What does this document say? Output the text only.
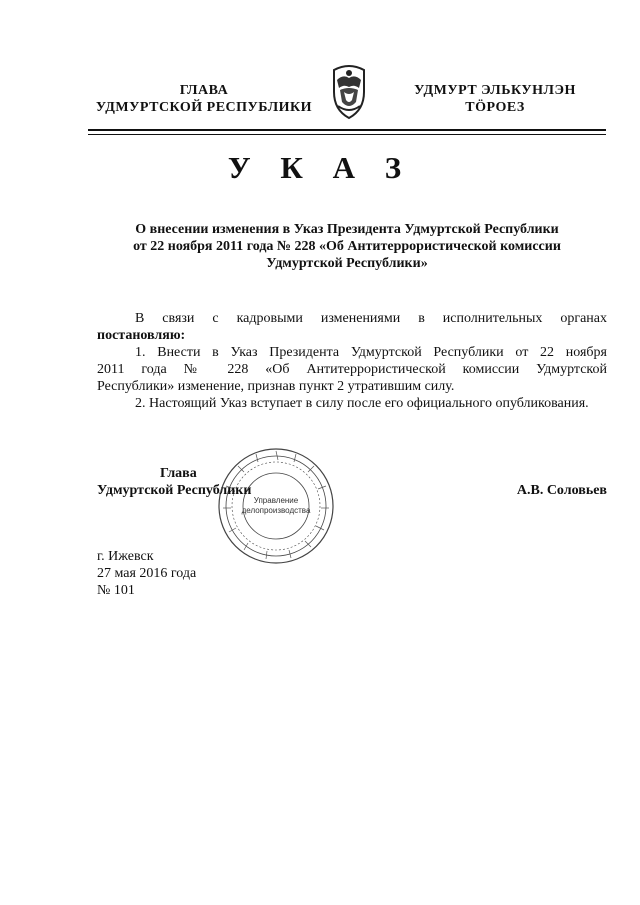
ГЛАВА
УДМУРТСКОЙ РЕСПУБЛИКИ
УДМУРТ ЭЛЬКУНЛЭН
ТӦРОЕЗ
У К А З
О внесении изменения в Указ Президента Удмуртской Республики
от 22 ноября 2011 года № 228 «Об Антитеррористической комиссии
Удмуртской Республики»
В связи с кадровыми изменениями в исполнительных органах
постановляю:
1. Внести в Указ Президента Удмуртской Республики от 22 ноября
2011 года № 228 «Об Антитеррористической комиссии Удмуртской
Республики» изменение, признав пункт 2 утратившим силу.
2. Настоящий Указ вступает в силу после его официального опубликования.
Управление
делопроизводства
Глава
Удмуртской Республики	А.В. Соловьев
г. Ижевск
27 мая 2016 года
№ 101
